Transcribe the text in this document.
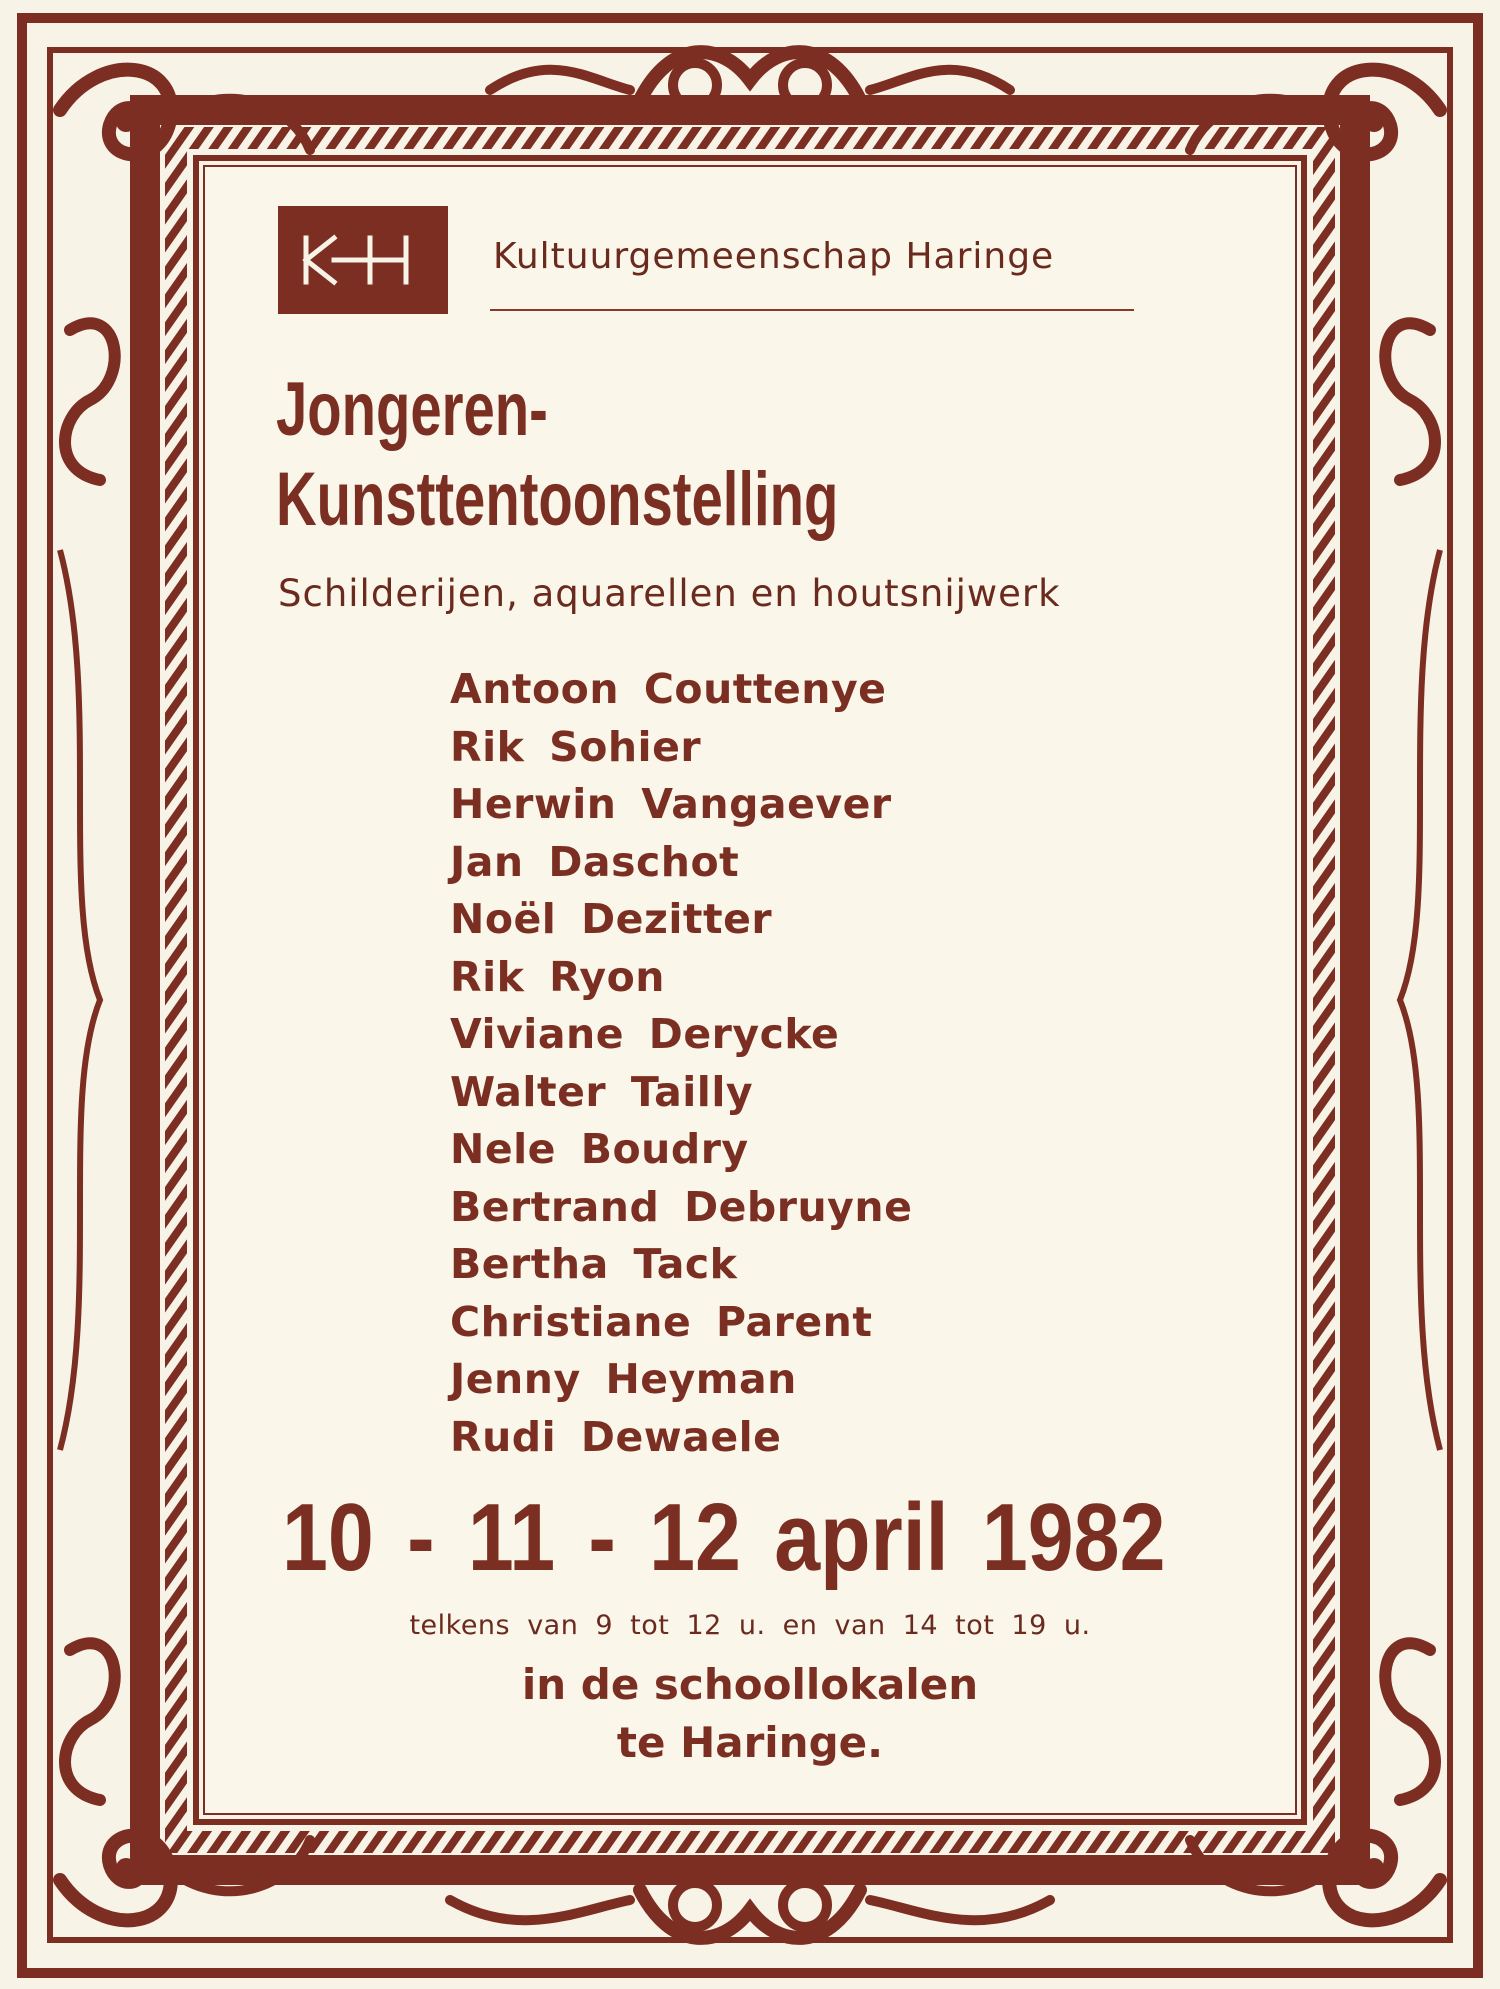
Kultuurgemeenschap Haringe
Jongeren-
Kunsttentoonstelling
Schilderijen, aquarellen en houtsnijwerk
Antoon Couttenye
Rik Sohier
Herwin Vangaever
Jan Daschot
Noël Dezitter
Rik Ryon
Viviane Derycke
Walter Tailly
Nele Boudry
Bertrand Debruyne
Bertha Tack
Christiane Parent
Jenny Heyman
Rudi Dewaele
10 - 11 - 12 april 1982
telkens van 9 tot 12 u. en van 14 tot 19 u.
in de schoollokalen
te Haringe.
